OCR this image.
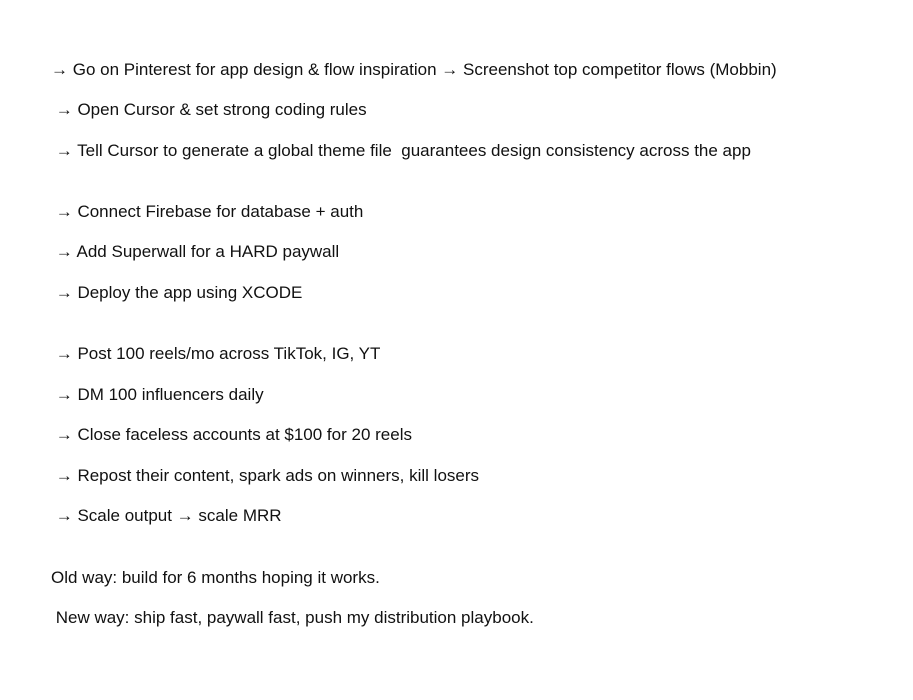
→ Go on Pinterest for app design & flow inspiration → Screenshot top competitor flows (Mobbin)

→ Open Cursor & set strong coding rules

→ Tell Cursor to generate a global theme file  guarantees design consistency across the app

→ Connect Firebase for database + auth

→ Add Superwall for a HARD paywall

→ Deploy the app using XCODE

→ Post 100 reels/mo across TikTok, IG, YT

→ DM 100 influencers daily

→ Close faceless accounts at $100 for 20 reels

→ Repost their content, spark ads on winners, kill losers

→ Scale output → scale MRR

Old way: build for 6 months hoping it works.

New way: ship fast, paywall fast, push my distribution playbook.
